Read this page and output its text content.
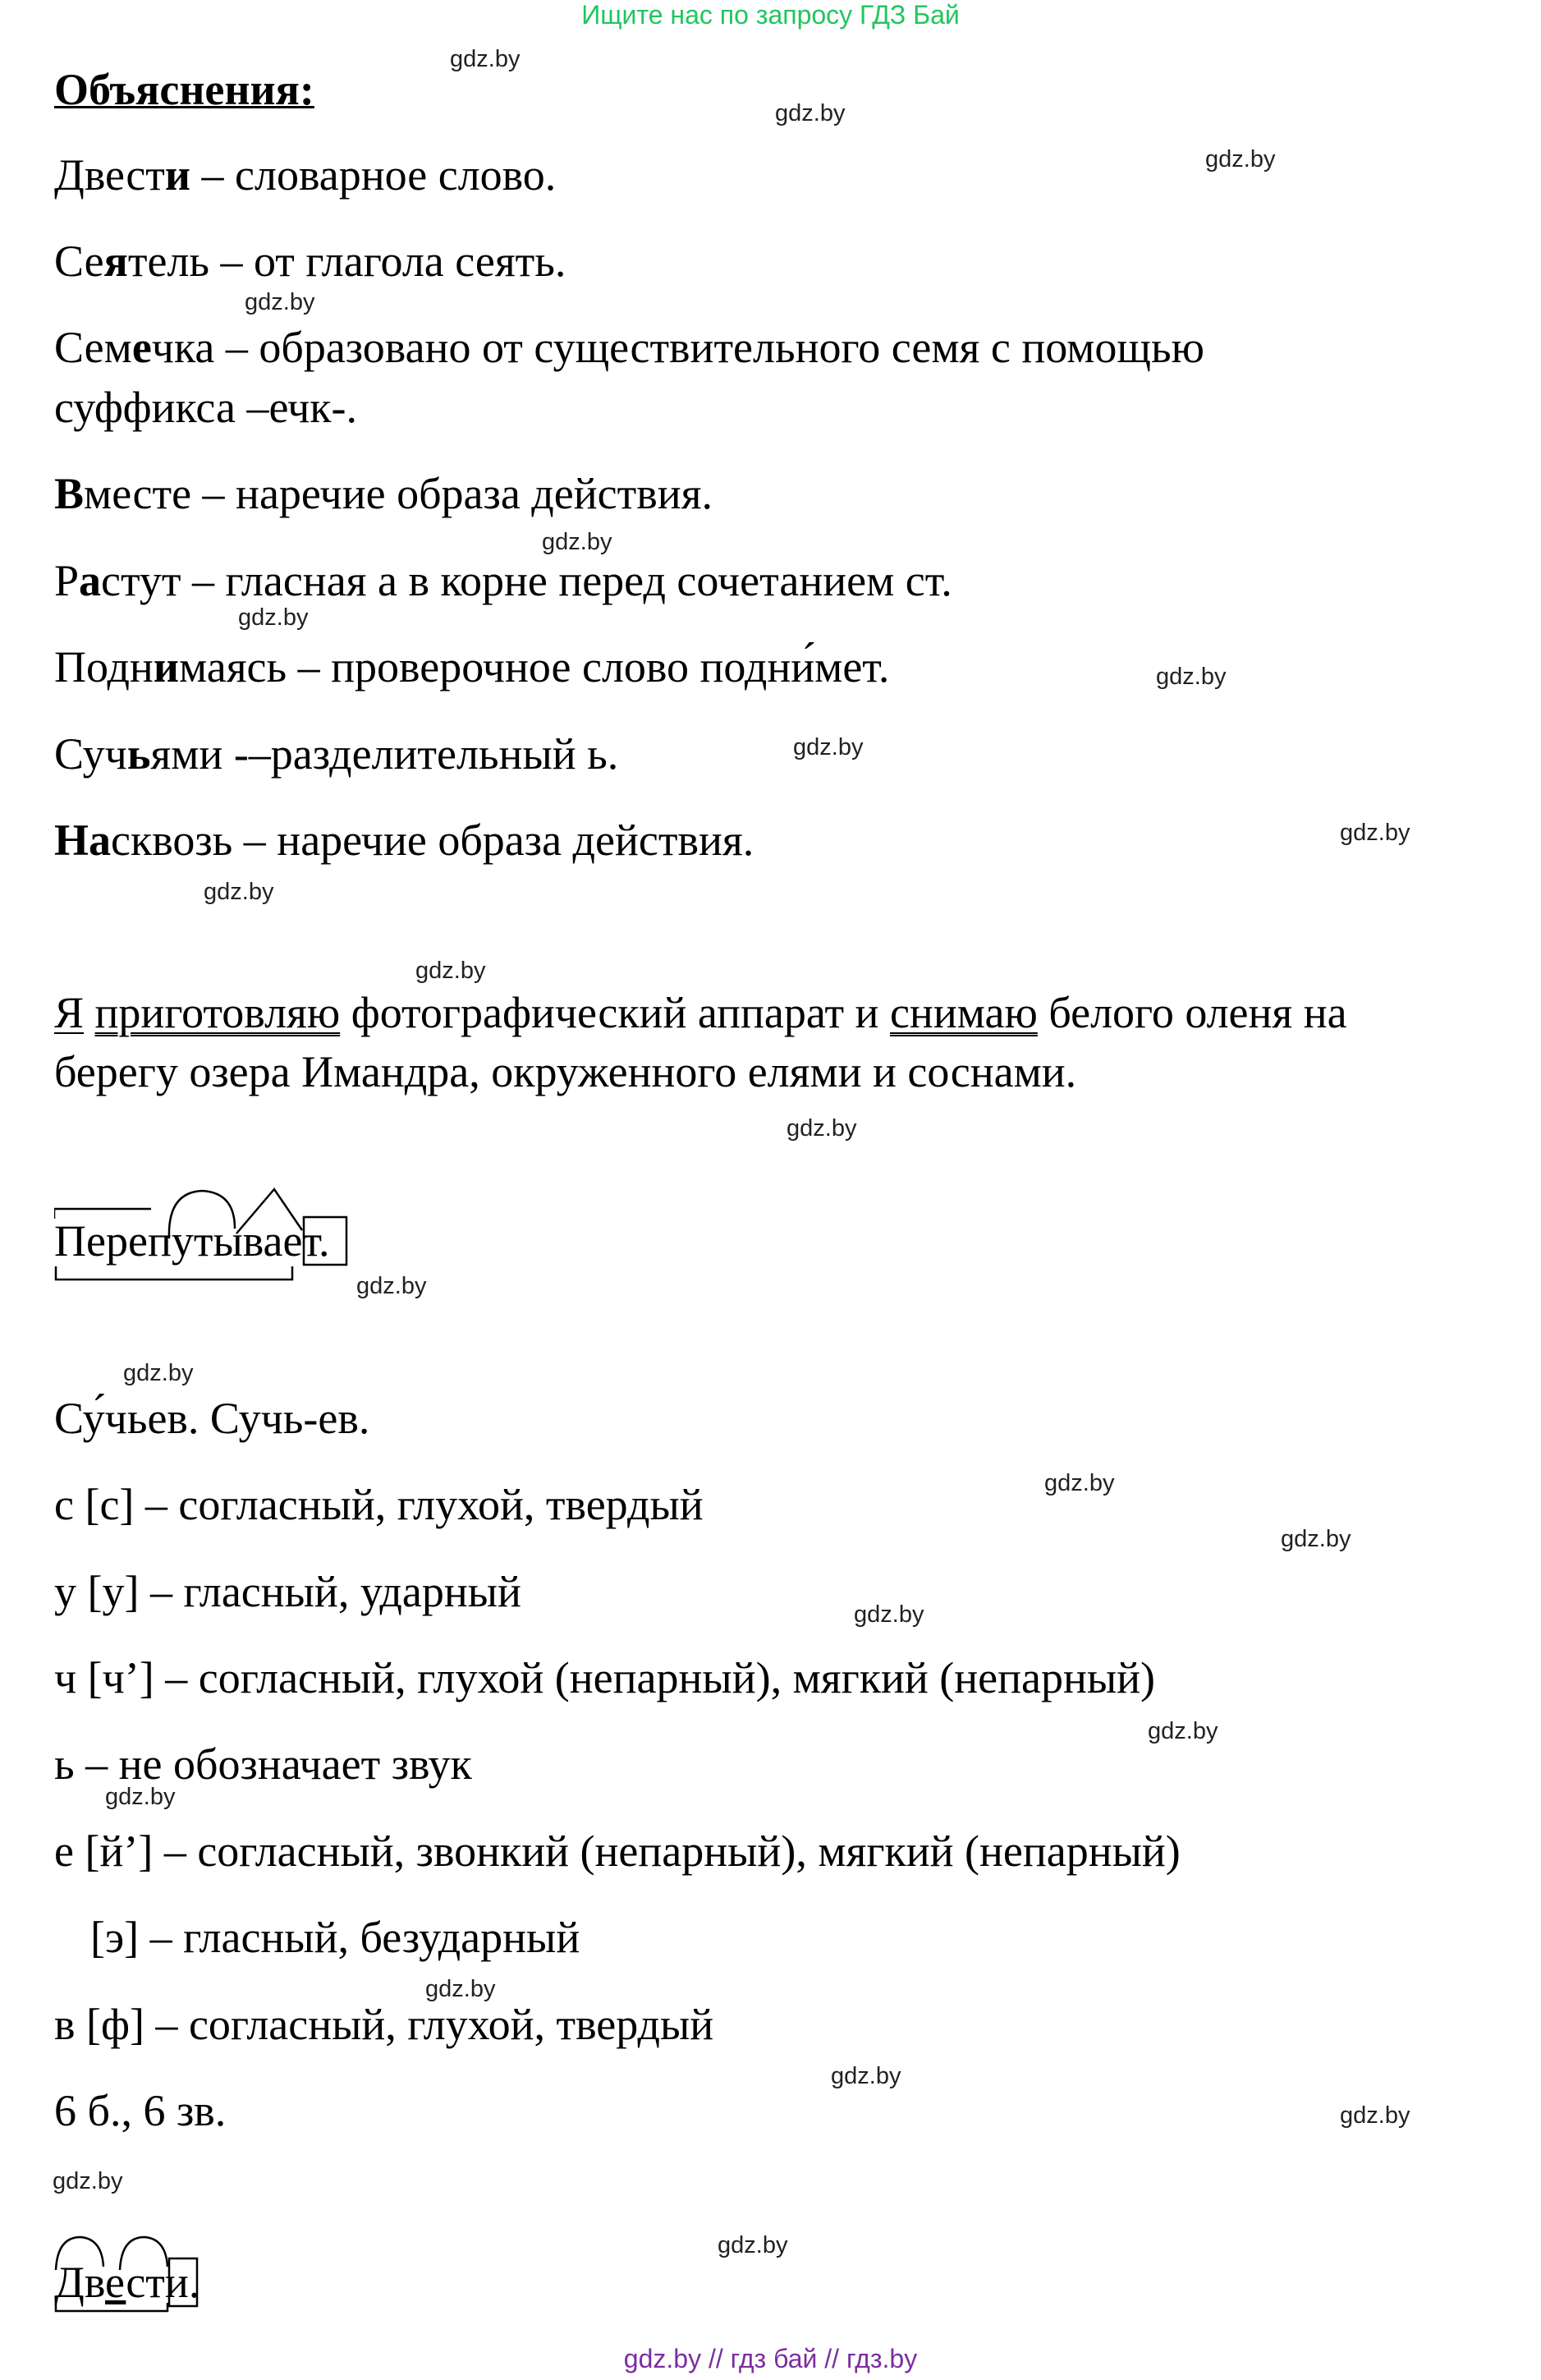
Ищите нас по запросу ГДЗ Бай
gdz.by
gdz.by
gdz.by
gdz.by
gdz.by
gdz.by
gdz.by
gdz.by
gdz.by
gdz.by
gdz.by
gdz.by
gdz.by
gdz.by
gdz.by
gdz.by
gdz.by
gdz.by
gdz.by
gdz.by
gdz.by
gdz.by
gdz.by
gdz.by
Объяснения:
Двести – словарное слово.
Сеятель – от глагола сеять.
Семечка – образовано от существительного семя с помощью
суффикса –ечк-.
Вместе – наречие образа действия.
Растут – гласная а в корне перед сочетанием ст.
Поднимаясь – проверочное слово подни́мет.
Сучьями -–разделительный ь.
Насквозь – наречие образа действия.
Я приготовляю фотографический аппарат и снимаю белого оленя на
берегу озера Имандра, окруженного елями и соснами.
Перепутывает.
Су́чьев. Сучь-ев.
с [с] – согласный, глухой, твердый
у [у] – гласный, ударный
ч [ч’] – согласный, глухой (непарный), мягкий (непарный)
ь – не обозначает звук
е [й’] – согласный, звонкий (непарный), мягкий (непарный)
[э] – гласный, безударный
в [ф] – согласный, глухой, твердый
6 б., 6 зв.
Двести.
gdz.by // гдз бай // гдз.by
